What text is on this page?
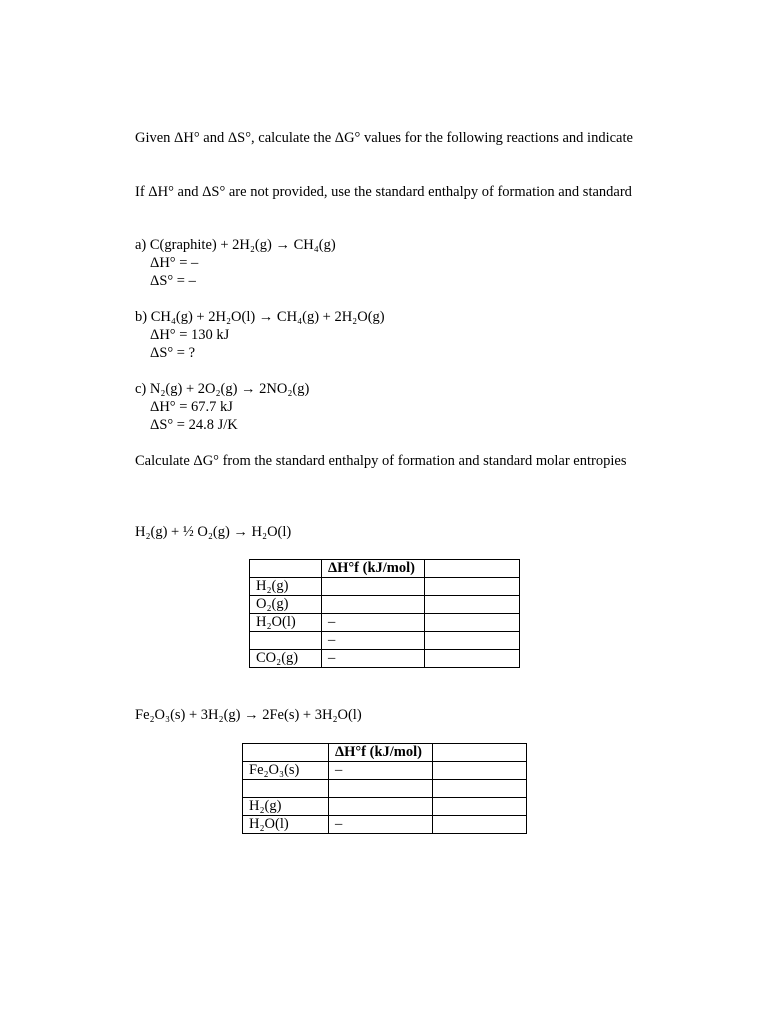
Given ΔH° and ΔS°, calculate the ΔG° values for the following reactions and indicate
If ΔH° and ΔS° are not provided, use the standard enthalpy of formation and standard
a) C(graphite) + 2H₂(g) → CH₄(g)
ΔH° = –
ΔS° = –
b) CH₄(g) + 2H₂O(l) → CH₄(g) + 2H₂O(g)
ΔH° = 130 kJ
ΔS° = ?
c) N₂(g) + 2O₂(g) → 2NO₂(g)
ΔH° = 67.7 kJ
ΔS° = 24.8 J/K
Calculate ΔG° from the standard enthalpy of formation and standard molar entropies
H₂(g) + ½ O₂(g) → H₂O(l)
	ΔH°f (kJ/mol)	
H₂(g)		
O₂(g)		
H₂O(l)	–	
	–	
CO₂(g)	–	
Fe₂O₃(s) + 3H₂(g) → 2Fe(s) + 3H₂O(l)
	ΔH°f (kJ/mol)	
Fe₂O₃(s)	–	

H₂(g)		
H₂O(l)	–	
